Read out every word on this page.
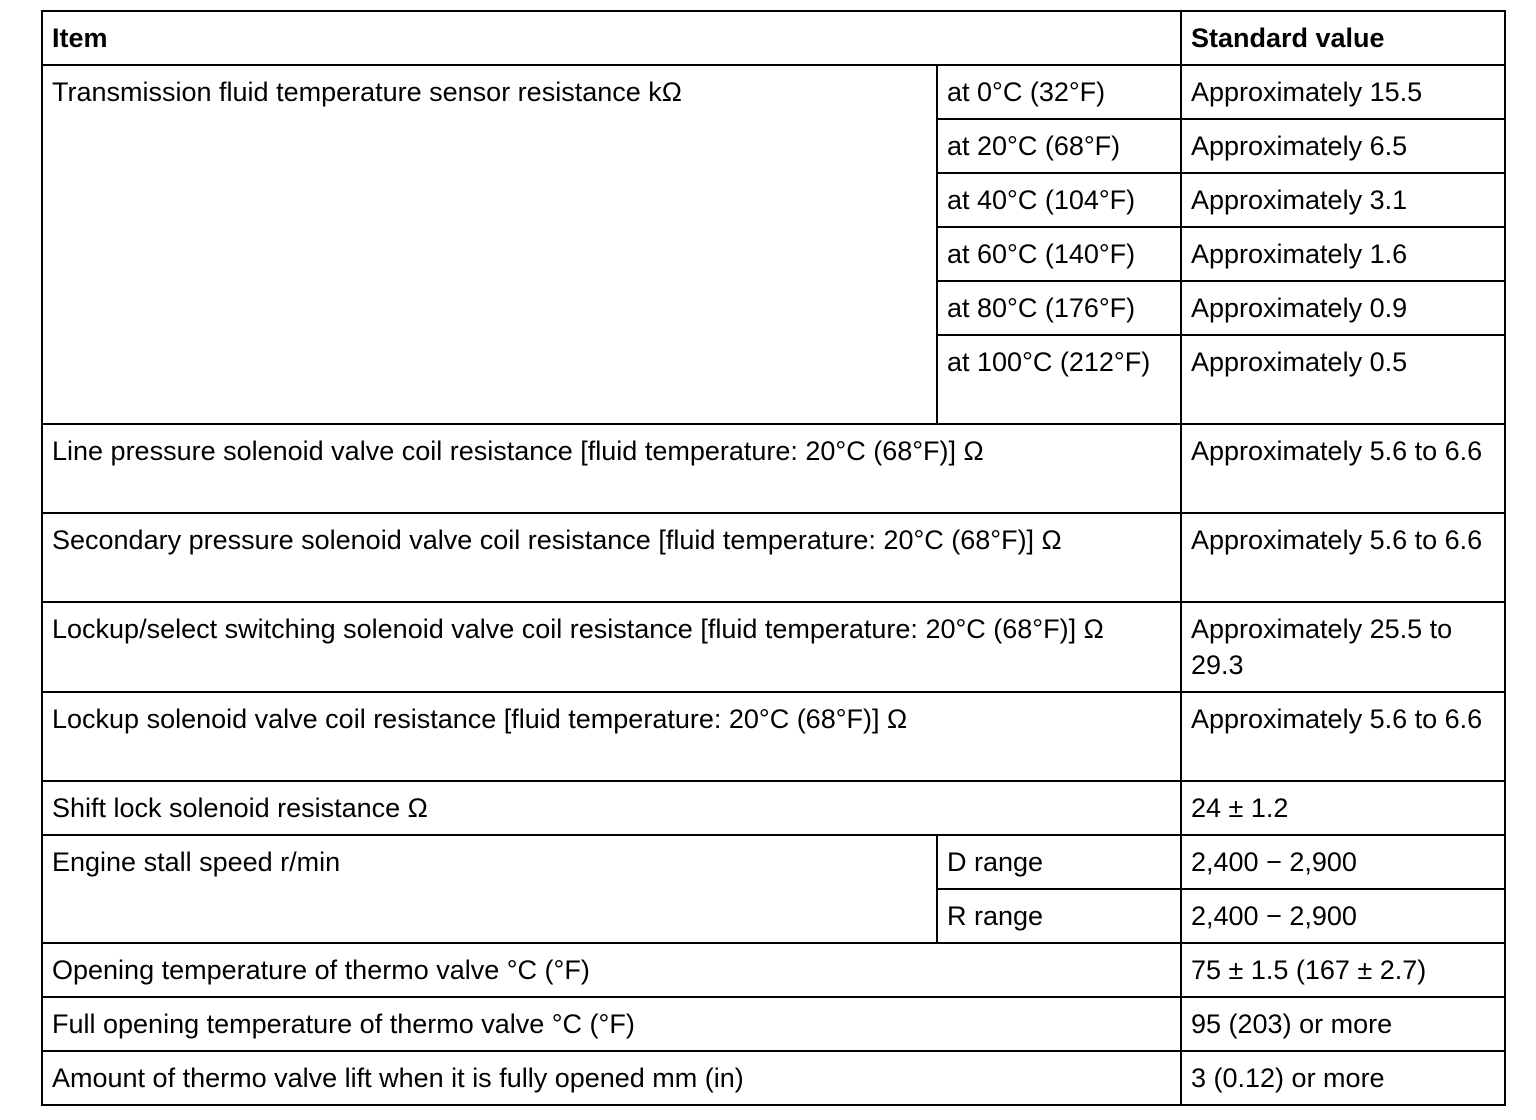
Item		Standard value
Transmission fluid temperature sensor resistance kΩ	at 0°C (32°F)	Approximately 15.5
	at 20°C (68°F)	Approximately 6.5
	at 40°C (104°F)	Approximately 3.1
	at 60°C (140°F)	Approximately 1.6
	at 80°C (176°F)	Approximately 0.9
	at 100°C (212°F)	Approximately 0.5
Line pressure solenoid valve coil resistance [fluid temperature: 20°C (68°F)] Ω		Approximately 5.6 to 6.6
Secondary pressure solenoid valve coil resistance [fluid temperature: 20°C (68°F)] Ω		Approximately 5.6 to 6.6
Lockup/select switching solenoid valve coil resistance [fluid temperature: 20°C (68°F)] Ω		Approximately 25.5 to 29.3
Lockup solenoid valve coil resistance [fluid temperature: 20°C (68°F)] Ω		Approximately 5.6 to 6.6
Shift lock solenoid resistance Ω		24 ± 1.2
Engine stall speed r/min	D range	2,400 − 2,900
	R range	2,400 − 2,900
Opening temperature of thermo valve °C (°F)		75 ± 1.5 (167 ± 2.7)
Full opening temperature of thermo valve °C (°F)		95 (203) or more
Amount of thermo valve lift when it is fully opened mm (in)		3 (0.12) or more
